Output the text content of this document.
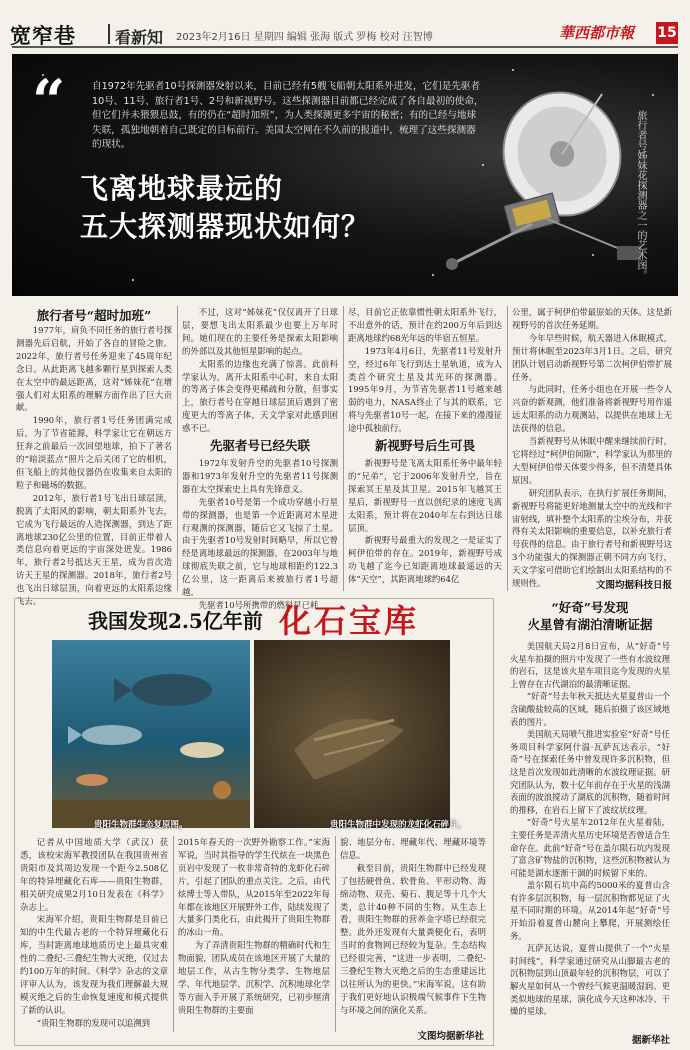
宽窄巷 看新知 2023年2月16日 星期四 编辑 张海 版式 罗梅 校对 汪智博	華西都市報 15
“	自1972年先驱者10号探测器发射以来，目前已经有5艘飞船朝太阳系外进发，它们是先驱者10号、11号、旅行者1号、2号和新视野号。这些探测器目前都已经完成了各自最初的使命，但它们并未猥猥息鼓，有的仍在“超时加班”，为人类探测更多宇宙的秘密；有的已经与地球失联，孤独地朝着自己既定的目标前行。美国太空网在不久前的报道中，梳理了这些探测器的现状。
飞离地球最远的
五大探测器现状如何？	旅行者号姊妹花探测器之一的艺术图。
旅行者号“超时加班”

1977年，肩负不同任务的旅行者号探测器先后启航，开始了各自的冒险之旅。2022年，旅行者号任务迎来了45周年纪念日。从此距离飞越多颗行星到探索人类在太空中的最远距离，这对“姊妹花”在增强人们对太阳系的理解方面作出了巨大贡献。

1990年，旅行者1号任务团满完成后，为了节省能源，科学家让它在朝远方狂奔之前最后一次回望地球，拍下了著名的“暗淡蓝点”照片之后关闭了它的相机，但飞船上的其他仪器仍在收集来自太阳的粒子和磁场的数据。

2012年，旅行者1号飞出日球层顶，脱离了太阳风的影响，朝太阳系外飞去，它成为飞行最远的人造探测器，到达了距离地球230亿公里的位置，目前正带着人类信息向着更远的宇宙深处进发。1986年，旅行者2号抵达天王星，成为首次造访天王星的探测器。2018年，旅行者2号也飞出日球层顶，向着更远的太阳系边缘飞去。

不过，这对“姊妹花”仅仅离开了日球层，要想飞出太阳系最少也要上万年时间。她们现在的主要任务是探索太阳影响的外部以及其他恒星影响的起点。

太阳系的边缘也充满了惊喜。此前科学家认为，离开太阳系中心时，来自太阳的等离子体会变得更稀疏和分散，但事实上，旅行者号在穿越日球层顶后遇到了密度更大的等离子体，天文学家对此感到困惑不已。

先驱者号已经失联

1972年发射升空的先驱者10号探测器和1973年发射升空的先驱者11号探测器在太空探索史上具有先锋意义。

先驱者10号是第一个成功穿越小行星带的探测器，也是第一个近距离对木星进行观测的探测器，随后它又飞掠了土星。由于先驱者10号发射时间略早，所以它曾经是离地球最远的探测器，在2003年与地球彻底失联之前，它与地球相距约122.3亿公里，这一距离后来被旅行者1号超越。

先驱者10号所携带的燃料早已耗

尽，目前它正依靠惯性朝太阳系外飞行，不出意外的话，预计在约200万年后到达距离地球约68光年远的毕宿五恒星。

1973年4月6日，先驱者11号发射升空，经过6年飞行到达土星轨道，成为人类首个研究土星及其光环的探测器。1995年9月，为节省先驱者11号越来越弱的电力，NASA终止了与其的联系，它将与先驱者10号一起，在接下来的漫漫征途中孤独前行。

新视野号后生可畏

新视野号是飞离太阳系任务中最年轻的“兄弟”，它于2006年发射升空，旨在探索冥王星及其卫星。2015年飞越冥王星后，新视野号一直以创纪录的速度飞离太阳系，预计将在2040年左右到达日球层顶。

新视野号最重大的发现之一是证实了柯伊伯带的存在。2019年，新视野号成功飞越了迄今已知距离地球最遥远的天体“天空”，其距离地球约64亿

公里，属于柯伊伯带最原始的天体。这是新视野号的首次任务延期。

今年早些时候，航天器进入休眠模式，预计将休眠至2023年3月1日。之后，研究团队计划启动新视野号第二次柯伊伯带扩展任务。

与此同时，任务小组也在开展一些令人兴奋的新观测，他们准备将新视野号用作遥远太阳系的动力观测站，以提供在地球上无法获得的信息。

当新视野号从休眠中醒来继续前行时，它将经过“柯伊伯间隙”，科学家认为那里的大型柯伊伯带天体要少得多，但不清楚具体原因。

研究团队表示，在执行扩展任务期间，新视野号将能更好地测量太空中的光线和宇宙射线，填补整个太阳系的尘埃分布，并获得有关太阳影响的重要信息，以补充旅行者号获得的信息。由于旅行者号和新视野号这3个功能强大的探测器正朝不同方向飞行，天文学家可借助它们绘制出太阳系结构的不规则性。	文图均据科技日报
我国发现2.5亿年前 化石宝库
贵阳生物群生态复原图。	贵阳生物群中发现的龙虾化石碎片。

记者从中国地质大学（武汉）获悉，该校宋海军教授团队在我国贵州省贵阳市及其周边发现一个距今2.508亿年的特异埋藏化石库——贵阳生物群，相关研究成果2月10日发表在《科学》杂志上。

宋海军介绍，贵阳生物群是目前已知的中生代最古老的一个特异埋藏化石库，当时距离地球地质历史上最具灾难性的二叠纪-三叠纪生物大灭绝，仅过去约100万年的时间。《科学》杂志的文章评审人认为，该发现为我们理解最大规模灭绝之后的生命恢复速度和模式提供了新的认识。

“贵阳生物群的发现可以追溯到

2015年春天的一次野外勘察工作。”宋海军说，当时其指导的学生代炫在一块黑色页岩中发现了一枚非常奇特的龙虾化石碎片，引起了团队的重点关注。之后，由代炫博士等人带队，从2015年至2022年每年都在该地区开展野外工作，陆续发现了大量多门类化石，由此揭开了贵阳生物群的冰山一角。

为了弄清贵阳生物群的精确时代和生物面貌，团队成员在该地区开展了大量的地层工作，从古生物分类学、生物地层学、年代地层学、沉积学、沉积地球化学等方面入手开展了系统研究，已初步厘清贵阳生物群的主要面

貌、地层分布、埋藏年代、埋藏环境等信息。

截至目前，贵阳生物群中已经发现了包括硬骨鱼、软骨鱼、平形动物、海绵动物、双壳、菊石、腹足等十几个大类，总计40种不同的生物。从生态上看，贵阳生物群的营养金字塔已经很完整。此外还发现有大量粪便化石，表明当时的食物网已经较为复杂。生态结构已经很完善，“这进一步表明，二叠纪-三叠纪生物大灭绝之后的生态重建远比以往所认为的更快。”宋海军说，这有助于我们更好地认识极端气候事件下生物与环境之间的演化关系。

文图均据新华社
“好奇”号发现
火星曾有湖泊清晰证据

美国航天局2月8日宣布，从“好奇”号火星车拍摄的照片中发现了一些有水波纹理的岩石，这是该火星车项目迄今发现的火星上曾存在古代湖泊的最清晰证据。

“好奇”号去年秋天抵达火星夏普山一个含硫酸盐较高的区域，随后拍摄了该区域地表的图片。

美国航天局喷气推进实验室“好奇”号任务项目科学家阿什温·瓦萨瓦达表示，“好奇”号在探索任务中曾发现许多沉积物，但这是首次发现如此清晰的水波纹理证据。研究团队认为，数十亿年前存在于火星的浅湖表面的波浪搅动了湖底的沉积物，随着时间的推移，在岩石上留下了波纹状纹理。

“好奇”号火星车2012年在火星着陆，主要任务是弄清火星历史环境是否曾适合生命存在。此前“好奇”号在盖尔陨石坑内发现了富含矿物盐的沉积物，这些沉积物被认为可能是湖水逐渐干涸的时候留下来的。

盖尔陨石坑中高约5000米的夏普山含有许多层沉积物，每一层沉积物都见证了火星不同时期的环境。从2014年起“好奇”号开始沿着夏普山麓向上攀爬，开展测绘任务。

瓦萨瓦达说，夏普山提供了一个“火星时间线”，科学家通过研究从山脚最古老的沉积物层到山顶最年轻的沉积物层，可以了解火星如何从一个曾经气候更温暖湿润、更类似地球的星球，演化成今天这种冰冷、干燥的星球。

据新华社
